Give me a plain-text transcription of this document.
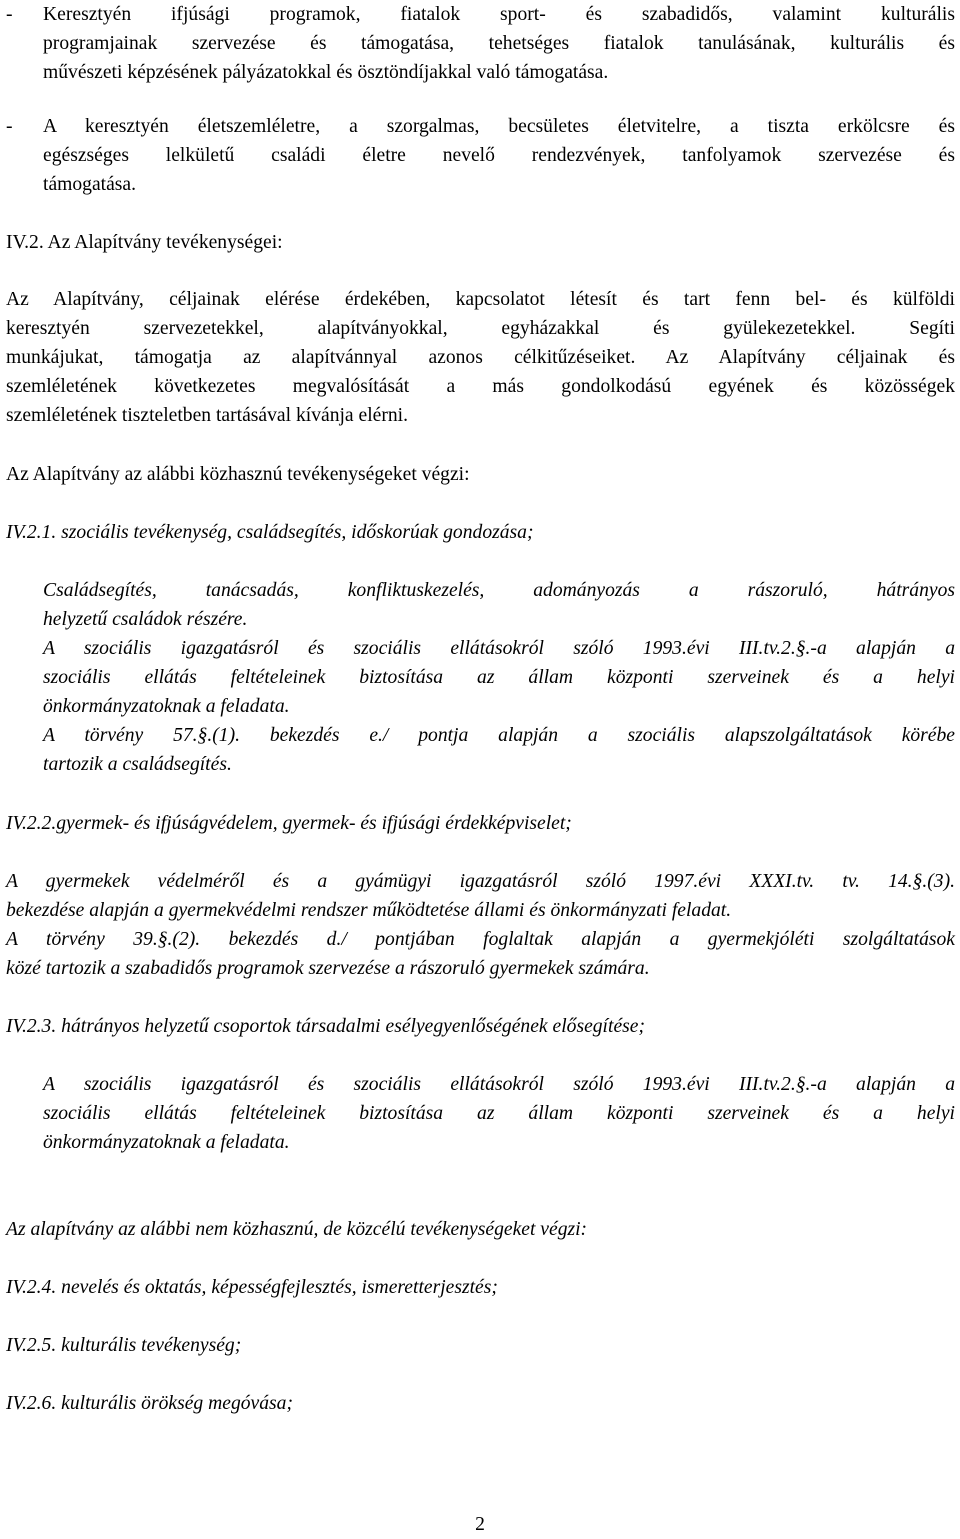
-	Keresztyén ifjúsági programok, fiatalok sport- és szabadidős, valamint kulturális
programjainak szervezése és támogatása, tehetséges fiatalok tanulásának, kulturális és
művészeti képzésének pályázatokkal és ösztöndíjakkal való támogatása.
-	A keresztyén életszemléletre, a szorgalmas, becsületes életvitelre, a tiszta erkölcsre és
egészséges lelkületű családi életre nevelő rendezvények, tanfolyamok szervezése és
támogatása.
IV.2. Az Alapítvány tevékenységei:
Az Alapítvány, céljainak elérése érdekében, kapcsolatot létesít és tart fenn bel- és külföldi
keresztyén szervezetekkel, alapítványokkal, egyházakkal és gyülekezetekkel. Segíti
munkájukat, támogatja az alapítvánnyal azonos célkitűzéseiket. Az Alapítvány céljainak és
szemléletének következetes megvalósítását a más gondolkodású egyének és közösségek
szemléletének tiszteletben tartásával kívánja elérni.
Az Alapítvány az alábbi közhasznú tevékenységeket végzi:
IV.2.1. szociális tevékenység, családsegítés, időskorúak gondozása;
Családsegítés, tanácsadás, konfliktuskezelés, adományozás a rászoruló, hátrányos
helyzetű családok részére.
A szociális igazgatásról és szociális ellátásokról szóló 1993.évi III.tv.2.§.-a alapján a
szociális ellátás feltételeinek biztosítása az állam központi szerveinek és a helyi
önkormányzatoknak a feladata.
A törvény 57.§.(1). bekezdés e./ pontja alapján a szociális alapszolgáltatások körébe
tartozik a családsegítés.
IV.2.2.gyermek- és ifjúságvédelem, gyermek- és ifjúsági érdekképviselet;
A gyermekek védelméről és a gyámügyi igazgatásról szóló 1997.évi XXXI.tv. tv. 14.§.(3).
bekezdése alapján a gyermekvédelmi rendszer működtetése állami és önkormányzati feladat.
A törvény 39.§.(2). bekezdés d./ pontjában foglaltak alapján a gyermekjóléti szolgáltatások
közé tartozik a szabadidős programok szervezése a rászoruló gyermekek számára.
IV.2.3. hátrányos helyzetű csoportok társadalmi esélyegyenlőségének elősegítése;
A szociális igazgatásról és szociális ellátásokról szóló 1993.évi III.tv.2.§.-a alapján a
szociális ellátás feltételeinek biztosítása az állam központi szerveinek és a helyi
önkormányzatoknak a feladata.
Az alapítvány az alábbi nem közhasznú, de közcélú tevékenységeket végzi:
IV.2.4. nevelés és oktatás, képességfejlesztés, ismeretterjesztés;
IV.2.5. kulturális tevékenység;
IV.2.6. kulturális örökség megóvása;
2
